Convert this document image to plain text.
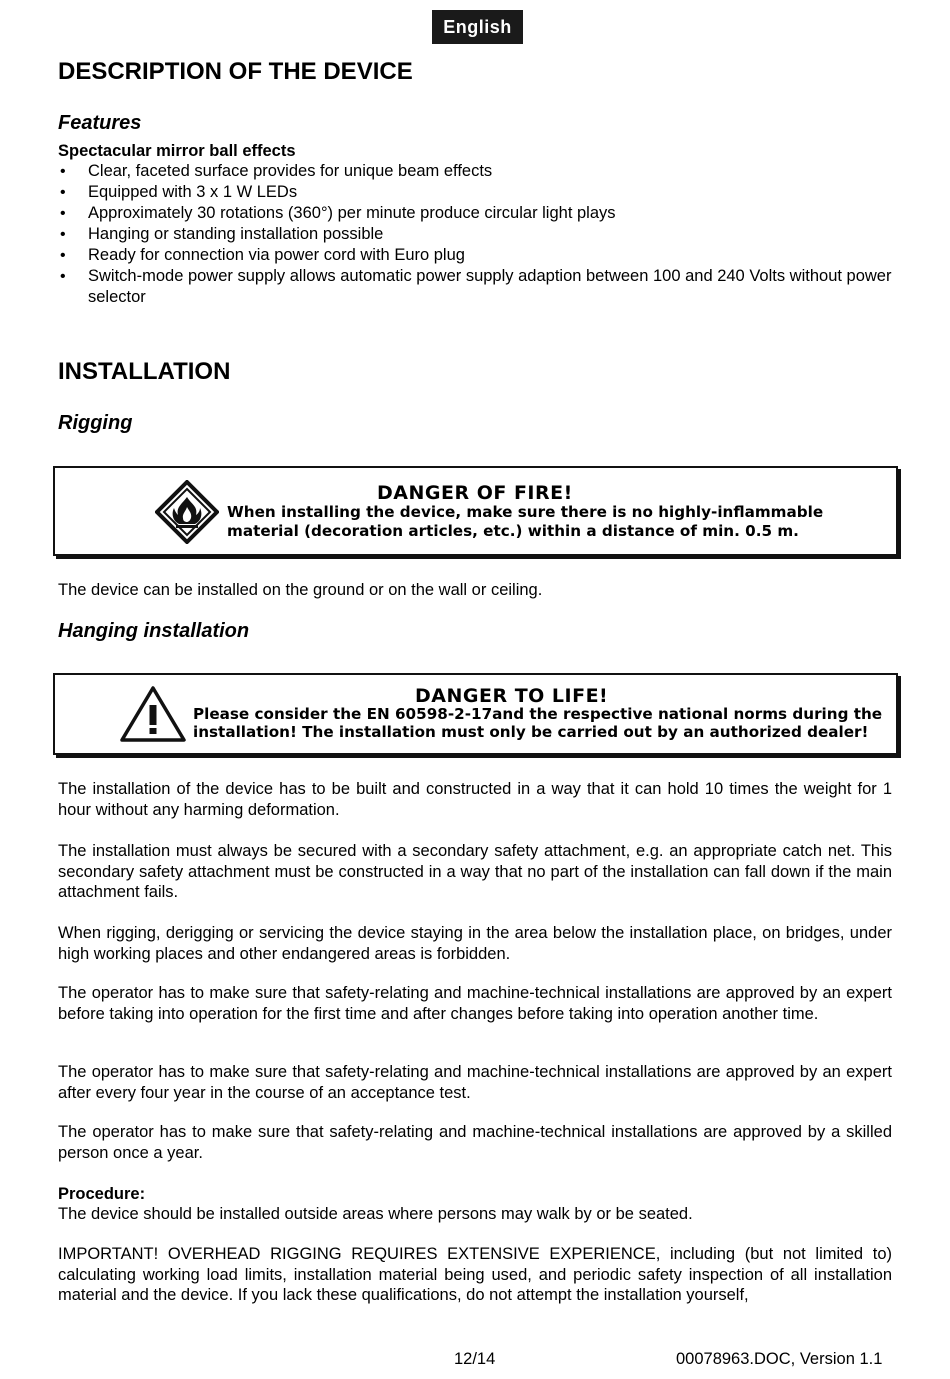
English
DESCRIPTION OF THE DEVICE
Features
Spectacular mirror ball effects
• Clear, faceted surface provides for unique beam effects
• Equipped with 3 x 1 W LEDs
• Approximately 30 rotations (360°) per minute produce circular light plays
• Hanging or standing installation possible
• Ready for connection via power cord with Euro plug
• Switch-mode power supply allows automatic power supply adaption between 100 and 240 Volts without power selector
INSTALLATION
Rigging
DANGER OF FIRE!
When installing the device, make sure there is no highly-inflammable
material (decoration articles, etc.) within a distance of min. 0.5 m.
The device can be installed on the ground or on the wall or ceiling.
Hanging installation
DANGER TO LIFE!
Please consider the EN 60598-2-17and the respective national norms during the
installation! The installation must only be carried out by an authorized dealer!
The installation of the device has to be built and constructed in a way that it can hold 10 times the weight for 1 hour without any harming deformation.
The installation must always be secured with a secondary safety attachment, e.g. an appropriate catch net. This secondary safety attachment must be constructed in a way that no part of the installation can fall down if the main attachment fails.
When rigging, derigging or servicing the device staying in the area below the installation place, on bridges, under high working places and other endangered areas is forbidden.
The operator has to make sure that safety-relating and machine-technical installations are approved by an expert before taking into operation for the first time and after changes before taking into operation another time.
The operator has to make sure that safety-relating and machine-technical installations are approved by an expert after every four year in the course of an acceptance test.
The operator has to make sure that safety-relating and machine-technical installations are approved by a skilled person once a year.
Procedure:
The device should be installed outside areas where persons may walk by or be seated.
IMPORTANT! OVERHEAD RIGGING REQUIRES EXTENSIVE EXPERIENCE, including (but not limited to) calculating working load limits, installation material being used, and periodic safety inspection of all installation material and the device. If you lack these qualifications, do not attempt the installation yourself,
12/14	00078963.DOC, Version 1.1
